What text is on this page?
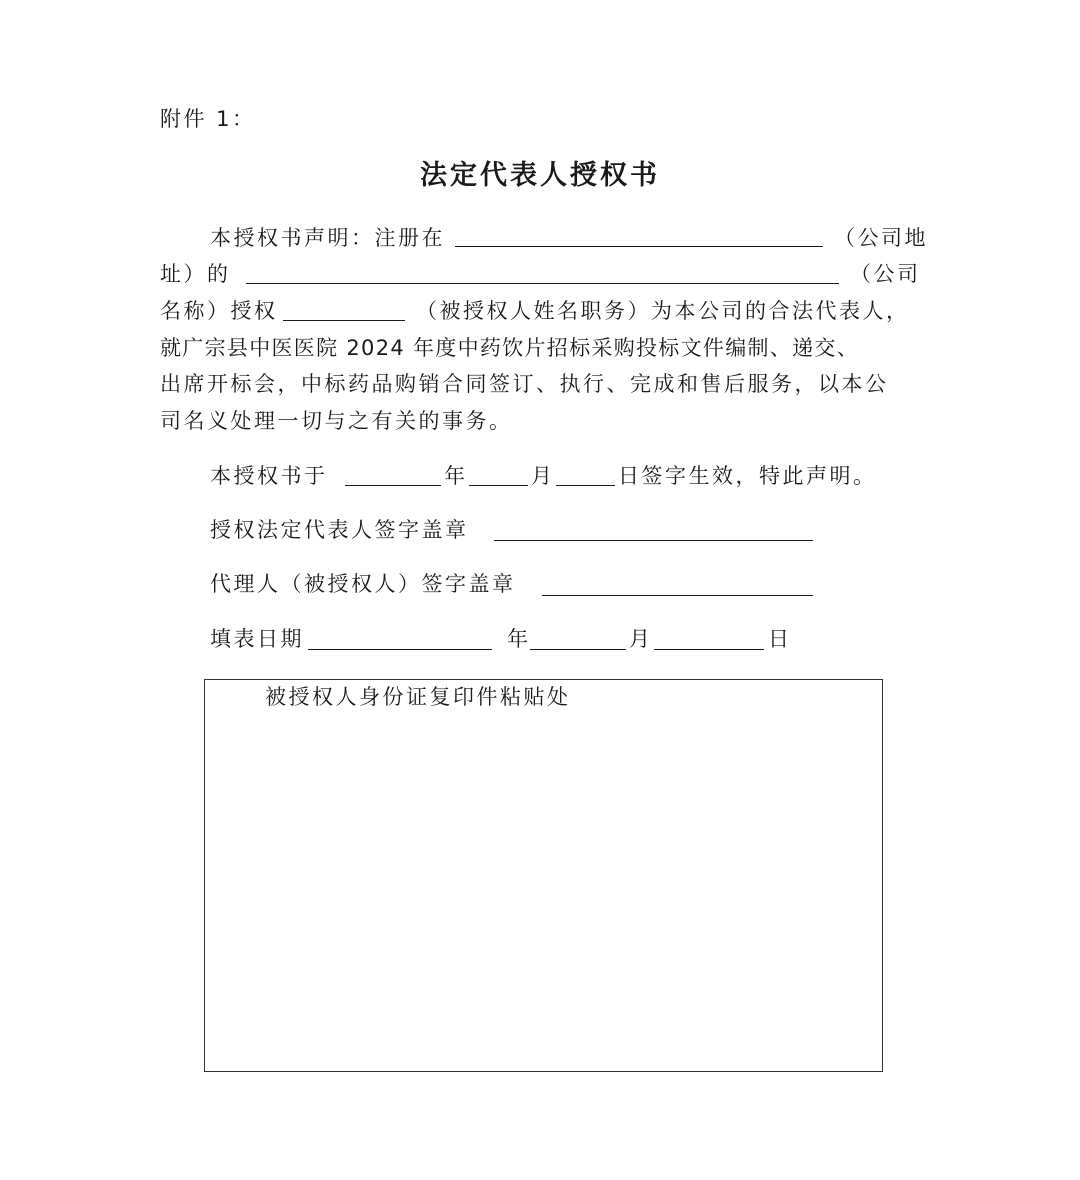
附件 1：
法定代表人授权书
本授权书声明：注册在	（公司地
址）的	（公司
名称）授权	（被授权人姓名职务）为本公司的合法代表人，
就广宗县中医医院 2024 年度中药饮片招标采购投标文件编制、递交、
出席开标会，中标药品购销合同签订、执行、完成和售后服务，以本公
司名义处理一切与之有关的事务。
本授权书于	年	月	日签字生效，特此声明。
授权法定代表人签字盖章
代理人（被授权人）签字盖章
填表日期	年	月	日
被授权人身份证复印件粘贴处
